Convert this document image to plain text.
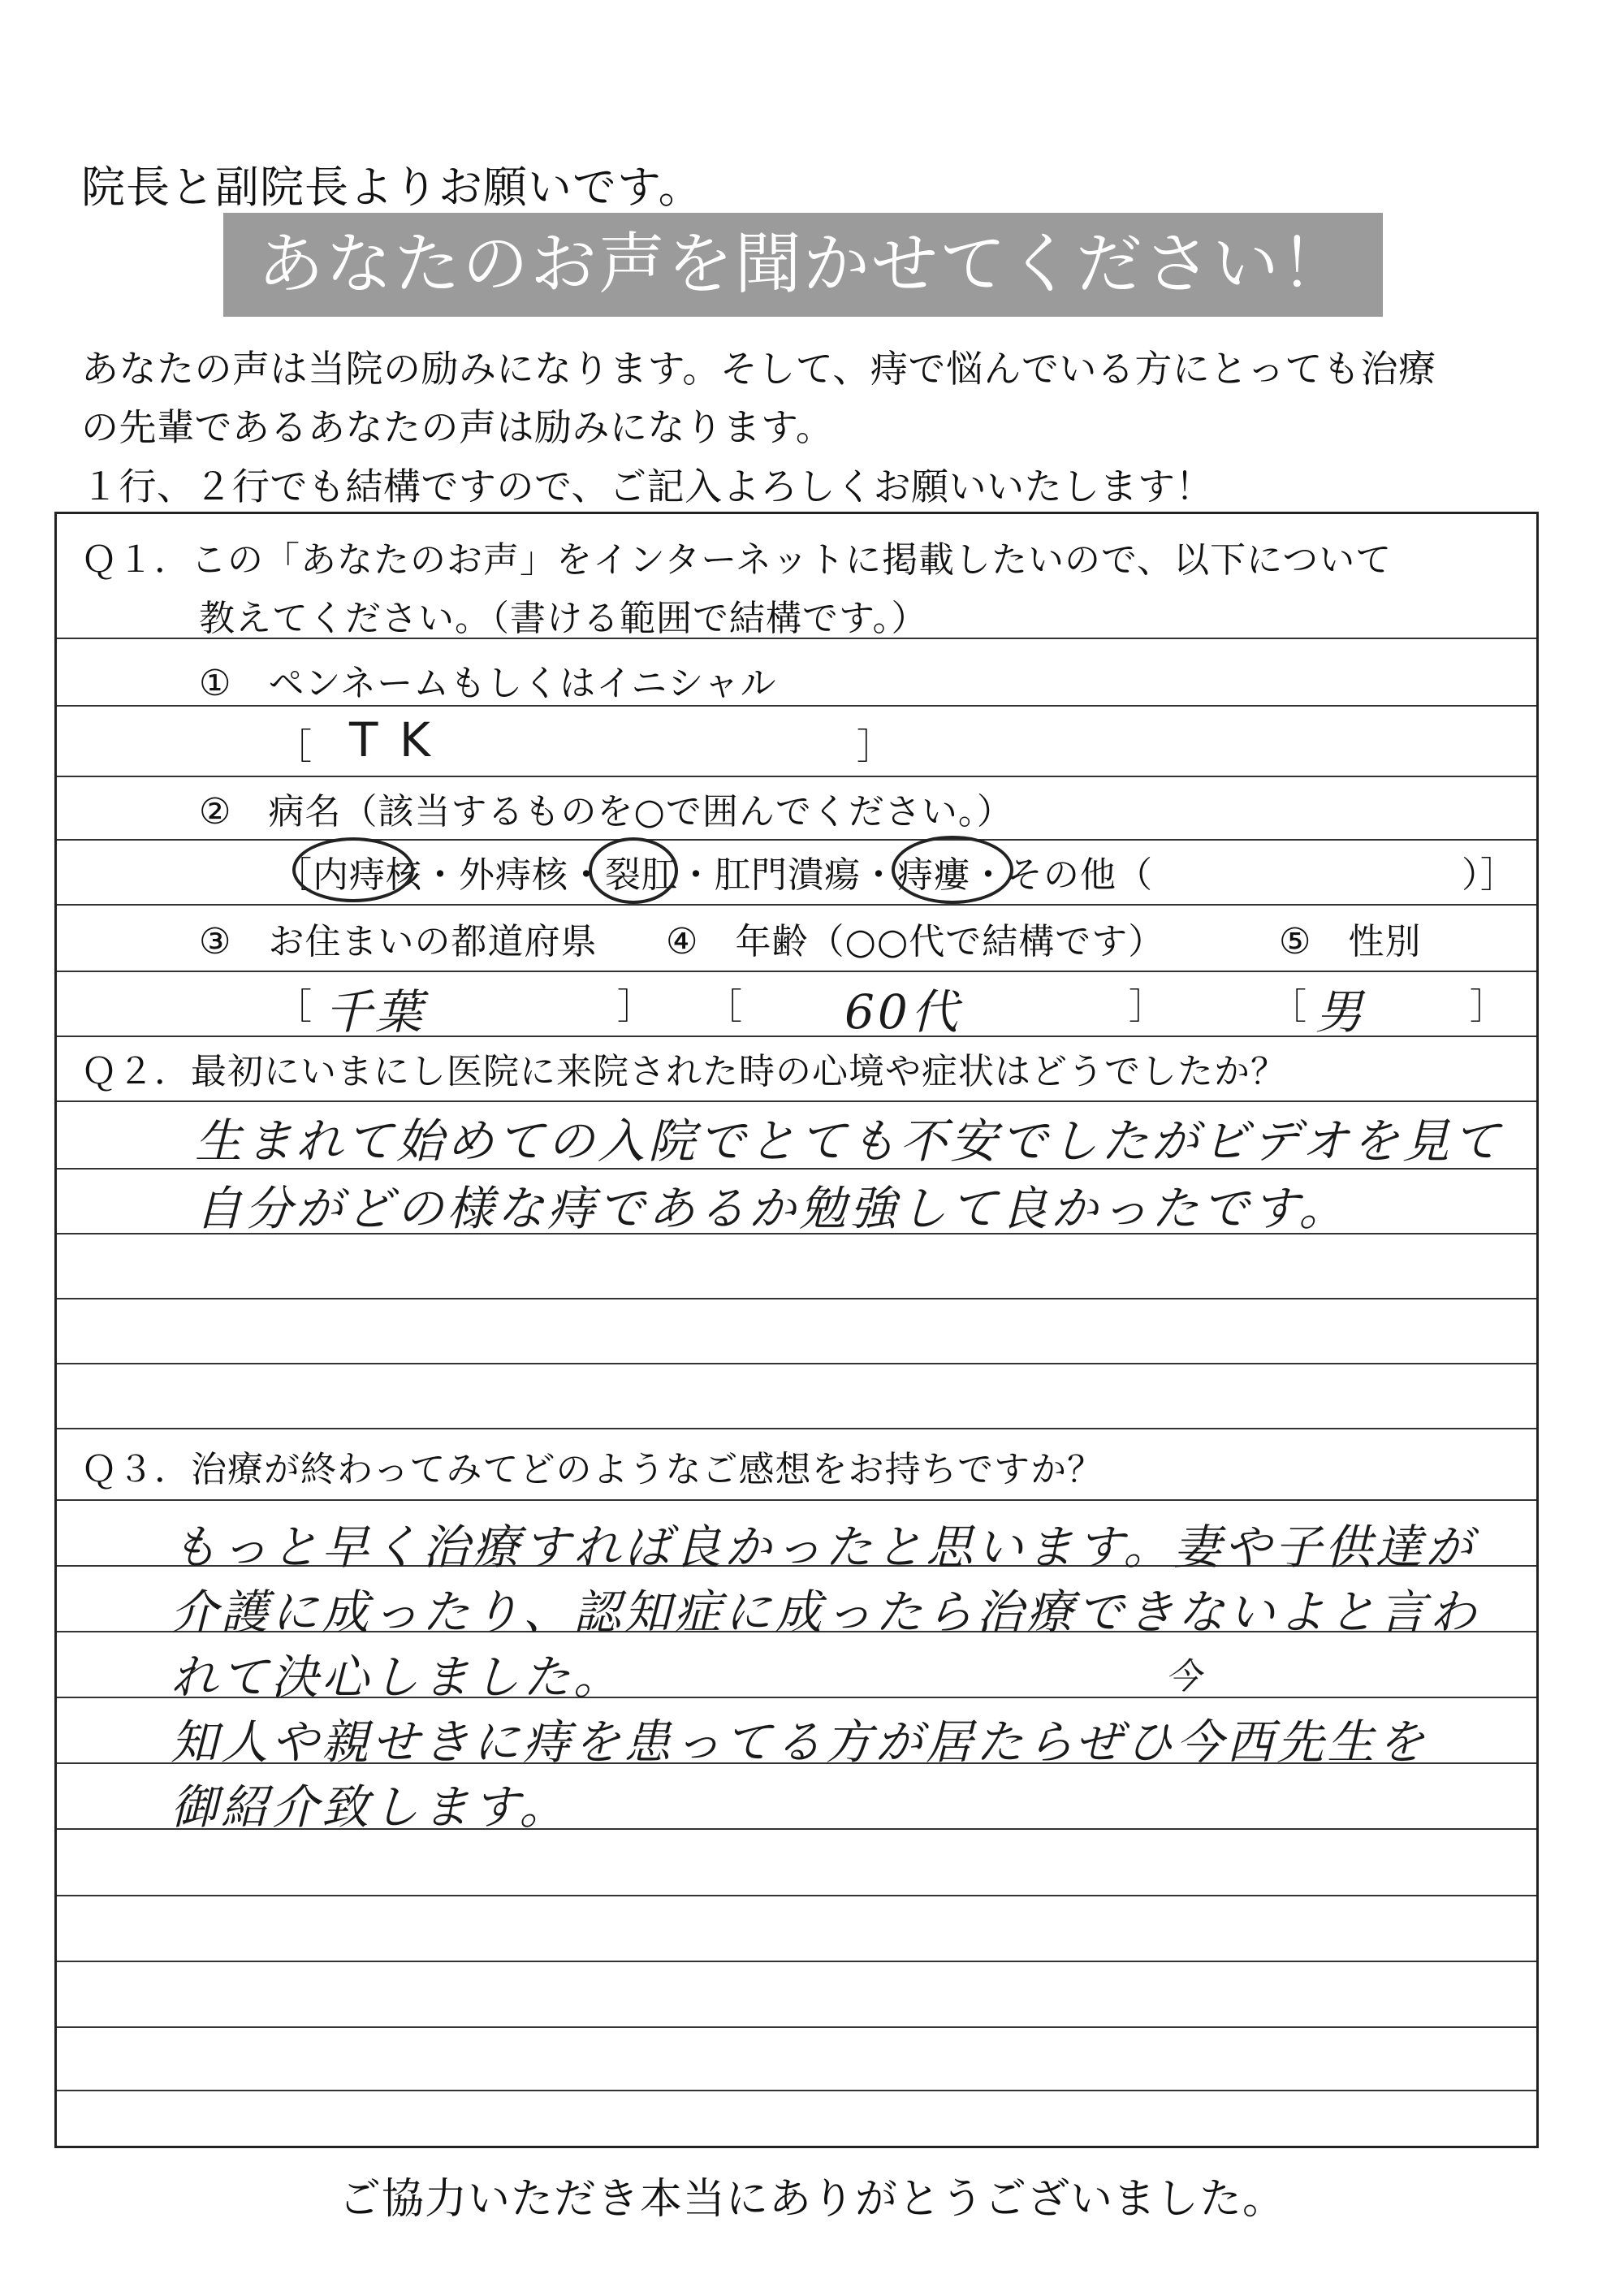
院長と副院長よりお願いです。
あなたのお声を聞かせてください！
あなたの声は当院の励みになります。そして、痔で悩んでいる方にとっても治療
の先輩であるあなたの声は励みになります。
１行、２行でも結構ですので、ご記入よろしくお願いいたします！
Ｑ１．この「あなたのお声」をインターネットに掲載したいので、以下について
教えてください。（書ける範囲で結構です。）
①　ペンネームもしくはイニシャル
［ T K	］
②　病名（該当するものを○で囲んでください。）
［内痔核・外痔核・裂肛・肛門潰瘍・痔瘻・その他（	）］
③　お住まいの都道府県 ④　年齢（○○代で結構です）	⑤　性別
［ 千葉	］ ［ 60代	］	［ 男	］
Ｑ２．最初にいまにし医院に来院された時の心境や症状はどうでしたか？
生まれて始めての入院でとても不安でしたがビデオを見て
自分がどの様な痔であるか勉強して良かったです。
Ｑ３．治療が終わってみてどのようなご感想をお持ちですか？
もっと早く治療すれば良かったと思います。妻や子供達が
介護に成ったり、認知症に成ったら治療できないよと言わ
れて決心しました。	今
知人や親せきに痔を患ってる方が居たらぜひ今西先生を
御紹介致します。
ご協力いただき本当にありがとうございました。
